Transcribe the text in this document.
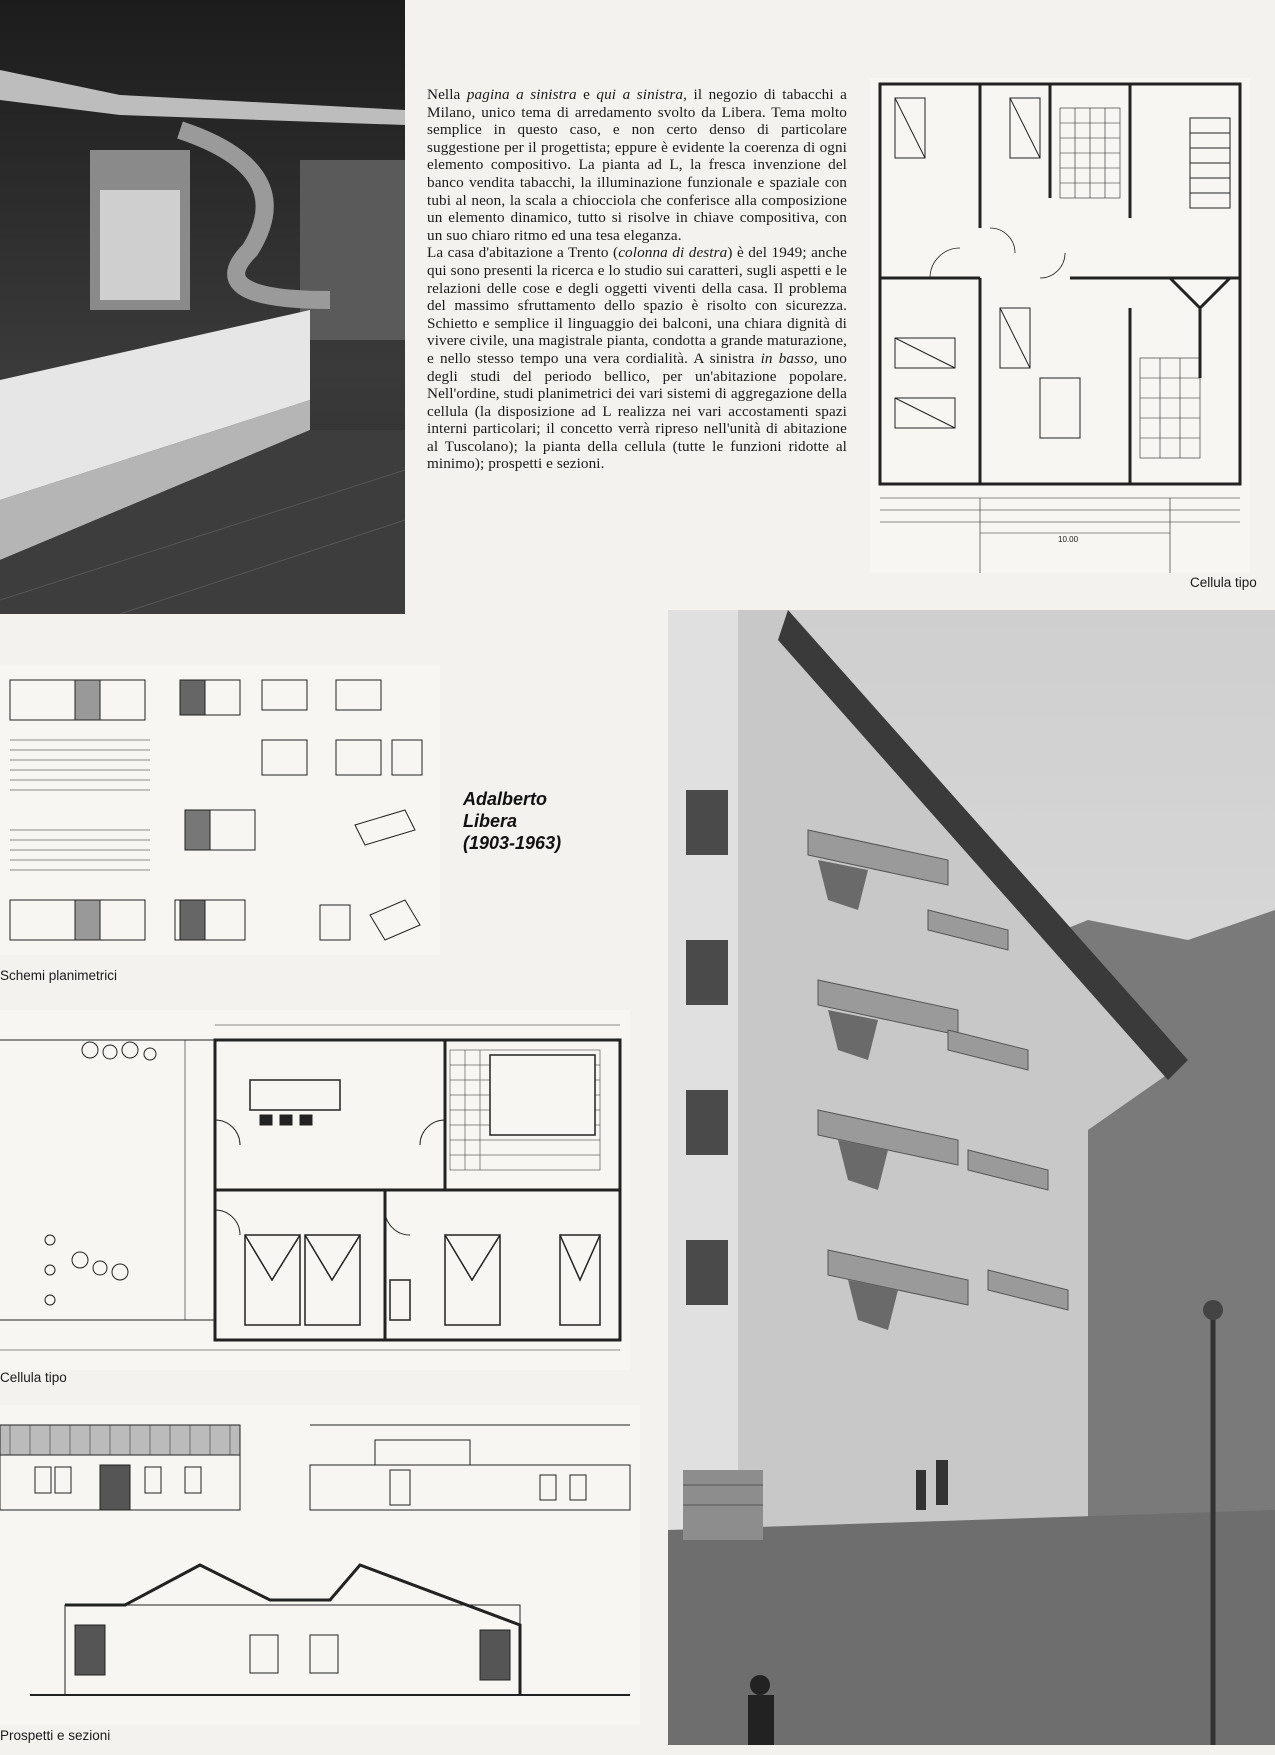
Nella pagina a sinistra e qui a sinistra, il negozio di tabacchi a Milano, unico tema di arredamento svolto da Libera. Tema molto semplice in questo caso, e non certo denso di particolare suggestione per il progettista; eppure è evidente la coerenza di ogni elemento compositivo. La pianta ad L, la fresca invenzione del banco vendita tabacchi, la illuminazione funzionale e spaziale con tubi al neon, la scala a chiocciola che conferisce alla composizione un elemento dinamico, tutto si risolve in chiave compositiva, con un suo chiaro ritmo ed una tesa eleganza.

La casa d'abitazione a Trento (colonna di destra) è del 1949; anche qui sono presenti la ricerca e lo studio sui caratteri, sugli aspetti e le relazioni delle cose e degli oggetti viventi della casa. Il problema del massimo sfruttamento dello spazio è risolto con sicurezza. Schietto e semplice il linguaggio dei balconi, una chiara dignità di vivere civile, una magistrale pianta, condotta a grande maturazione, e nello stesso tempo una vera cordialità. A sinistra in basso, uno degli studi del periodo bellico, per un'abitazione popolare. Nell'ordine, studi planimetrici dei vari sistemi di aggregazione della cellula (la disposizione ad L realizza nei vari accostamenti spazi interni particolari; il concetto verrà ripreso nell'unità di abitazione al Tuscolano); la pianta della cellula (tutte le funzioni ridotte al minimo); prospetti e sezioni.

10.00
Cellula tipo
Schemi planimetrici
Adalberto
Libera
(1903-1963)
Cellula tipo
Prospetti e sezioni
